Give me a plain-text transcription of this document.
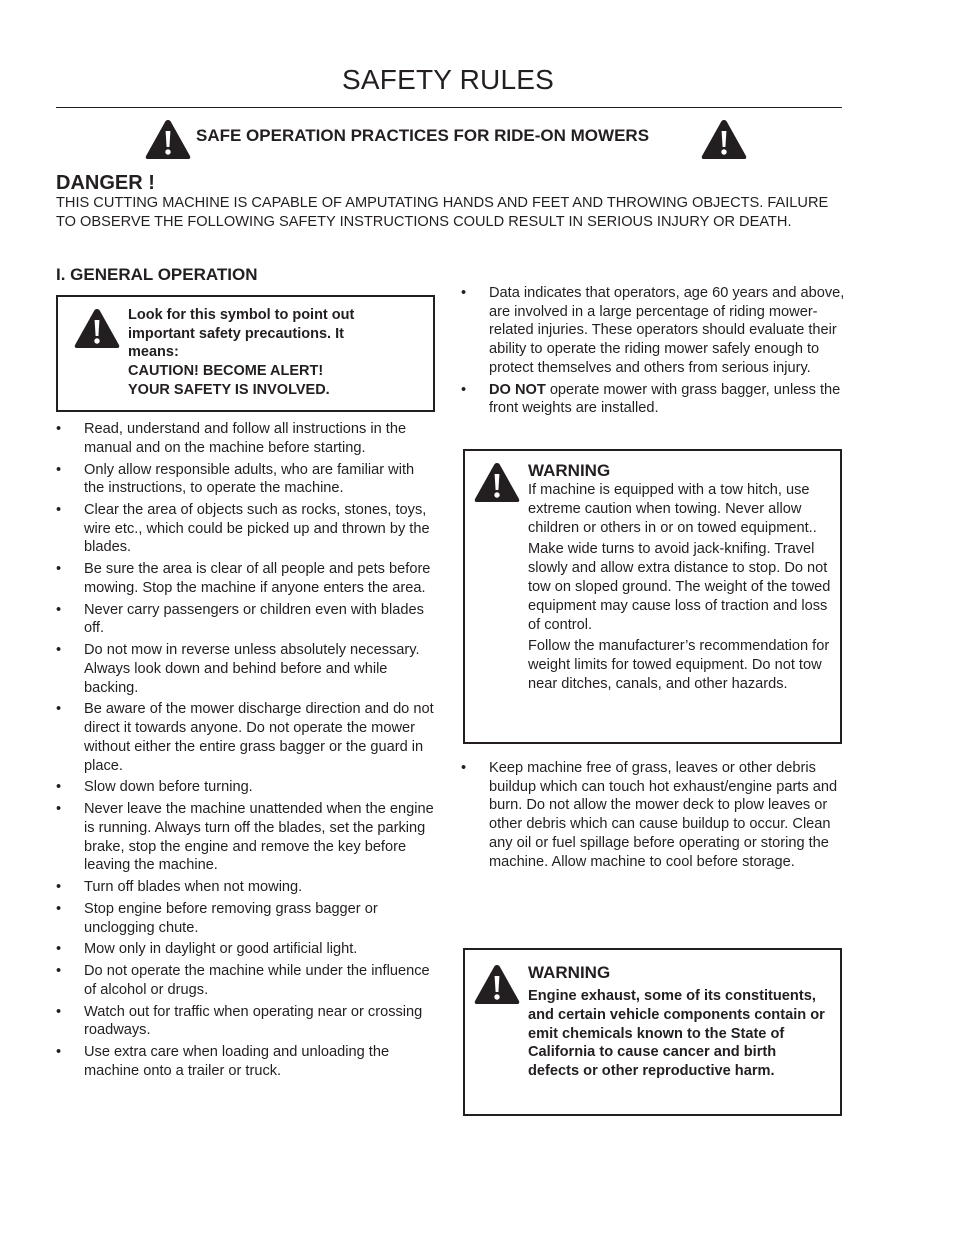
SAFETY RULES
SAFE OPERATION PRACTICES FOR RIDE-ON MOWERS
DANGER !
THIS CUTTING MACHINE IS CAPABLE OF AMPUTATING HANDS AND FEET AND THROWING OBJECTS. FAILURE TO OBSERVE THE FOLLOWING SAFETY INSTRUCTIONS COULD RESULT IN SERIOUS INJURY OR DEATH.
I. GENERAL OPERATION
Look for this symbol to point out
important safety precautions. It
means:
CAUTION! BECOME ALERT!
YOUR SAFETY IS INVOLVED.
•	Read, understand and follow all instructions in the manual and on the machine before starting.
•	Only allow responsible adults, who are familiar with the instructions, to operate the machine.
•	Clear the area of objects such as rocks, stones, toys, wire etc., which could be picked up and thrown by the blades.
•	Be sure the area is clear of all people and pets before mowing. Stop the machine if anyone enters the area.
•	Never carry passengers or children even with blades off.
•	Do not mow in reverse unless absolutely necessary. Always look down and behind before and while backing.
•	Be aware of the mower discharge direction and do not direct it towards anyone. Do not operate the mower without either the entire grass bagger or the guard in place.
•	Slow down before turning.
•	Never leave the machine unattended when the engine is running. Always turn off the blades, set the parking brake, stop the engine and remove the key before leaving the machine.
•	Turn off blades when not mowing.
•	Stop engine before removing grass bagger or unclogging chute.
•	Mow only in daylight or good artificial light.
•	Do not operate the machine while under the influence of alcohol or drugs.
•	Watch out for traffic when operating near or crossing roadways.
•	Use extra care when loading and unloading the machine onto a trailer or truck.
•	Data indicates that operators, age 60 years and above, are involved in a large percentage of riding mower-related injuries. These operators should evaluate their ability to operate the riding mower safely enough to protect themselves and others from serious injury.
•	DO NOT operate mower with grass bagger, unless the front weights are installed.
WARNING

If machine is equipped with a tow hitch, use extreme caution when towing. Never allow children or others in or on towed equipment..

Make wide turns to avoid jack-knifing. Travel slowly and allow extra distance to stop. Do not tow on sloped ground. The weight of the towed equipment may cause loss of traction and loss of control.

Follow the manufacturer’s recommendation for weight limits for towed equipment. Do not tow near ditches, canals, and other hazards.

•	Keep machine free of grass, leaves or other debris buildup which can touch hot exhaust/engine parts and burn. Do not allow the mower deck to plow leaves or other debris which can cause buildup to occur. Clean any oil or fuel spillage before operating or storing the machine. Allow machine to cool before storage.
WARNING
Engine exhaust, some of its constituents, and certain vehicle components contain or emit chemicals known to the State of California to cause cancer and birth defects or other reproductive harm.
